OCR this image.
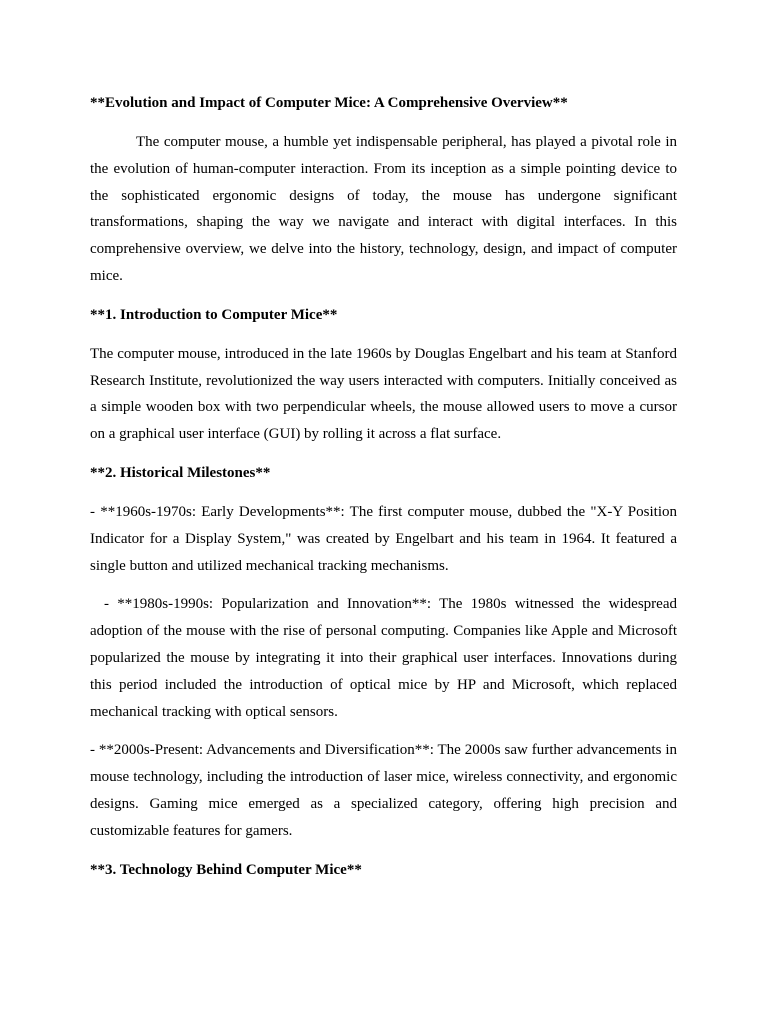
**Evolution and Impact of Computer Mice: A Comprehensive Overview**

The computer mouse, a humble yet indispensable peripheral, has played a pivotal role in the evolution of human-computer interaction. From its inception as a simple pointing device to the sophisticated ergonomic designs of today, the mouse has undergone significant transformations, shaping the way we navigate and interact with digital interfaces. In this comprehensive overview, we delve into the history, technology, design, and impact of computer mice.

**1. Introduction to Computer Mice**

The computer mouse, introduced in the late 1960s by Douglas Engelbart and his team at Stanford Research Institute, revolutionized the way users interacted with computers. Initially conceived as a simple wooden box with two perpendicular wheels, the mouse allowed users to move a cursor on a graphical user interface (GUI) by rolling it across a flat surface.

**2. Historical Milestones**

- **1960s-1970s: Early Developments**: The first computer mouse, dubbed the "X-Y Position Indicator for a Display System," was created by Engelbart and his team in 1964. It featured a single button and utilized mechanical tracking mechanisms.

- **1980s-1990s: Popularization and Innovation**: The 1980s witnessed the widespread adoption of the mouse with the rise of personal computing. Companies like Apple and Microsoft popularized the mouse by integrating it into their graphical user interfaces. Innovations during this period included the introduction of optical mice by HP and Microsoft, which replaced mechanical tracking with optical sensors.

- **2000s-Present: Advancements and Diversification**: The 2000s saw further advancements in mouse technology, including the introduction of laser mice, wireless connectivity, and ergonomic designs. Gaming mice emerged as a specialized category, offering high precision and customizable features for gamers.

**3. Technology Behind Computer Mice**
